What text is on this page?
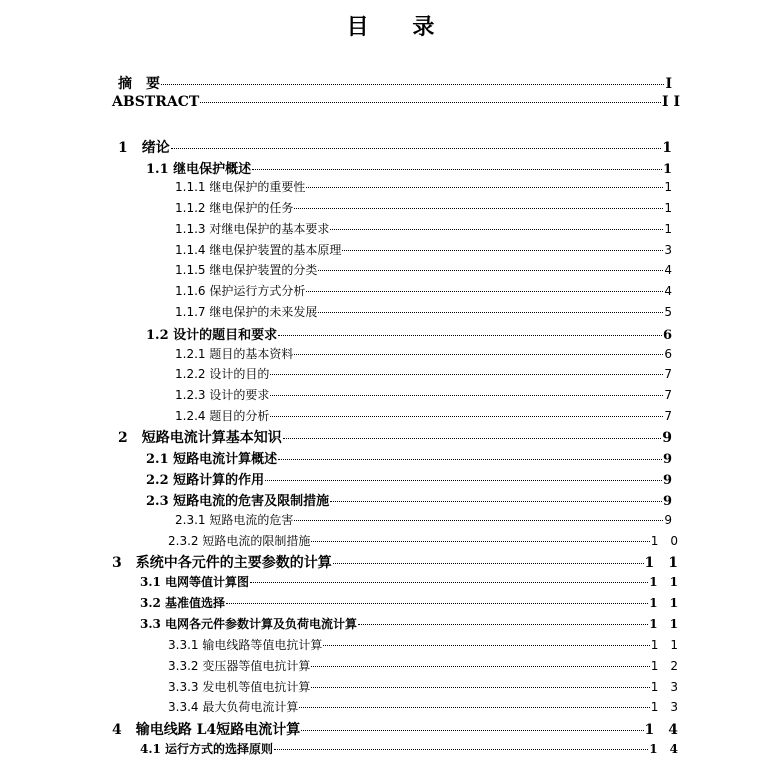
目 录
摘　要	I
ABSTRACT	I I
1　绪论	1
1.1 继电保护概述	1
1.1.1 继电保护的重要性	1
1.1.2 继电保护的任务	1
1.1.3 对继电保护的基本要求	1
1.1.4 继电保护装置的基本原理	3
1.1.5 继电保护装置的分类	4
1.1.6 保护运行方式分析	4
1.1.7 继电保护的未来发展	5
1.2 设计的题目和要求	6
1.2.1 题目的基本资料	6
1.2.2 设计的目的	7
1.2.3 设计的要求	7
1.2.4 题目的分析	7
2　短路电流计算基本知识	9
2.1 短路电流计算概述	9
2.2 短路计算的作用	9
2.3 短路电流的危害及限制措施	9
2.3.1 短路电流的危害	9
2.3.2 短路电流的限制措施	1　0
3　系统中各元件的主要参数的计算	1　1
3.1 电网等值计算图	1　1
3.2 基准值选择	1　1
3.3 电网各元件参数计算及负荷电流计算	1　1
3.3.1 输电线路等值电抗计算	1　1
3.3.2 变压器等值电抗计算	1　2
3.3.3 发电机等值电抗计算	1　3
3.3.4 最大负荷电流计算	1　3
4　输电线路 L4短路电流计算	1　4
4.1 运行方式的选择原则	1　4
